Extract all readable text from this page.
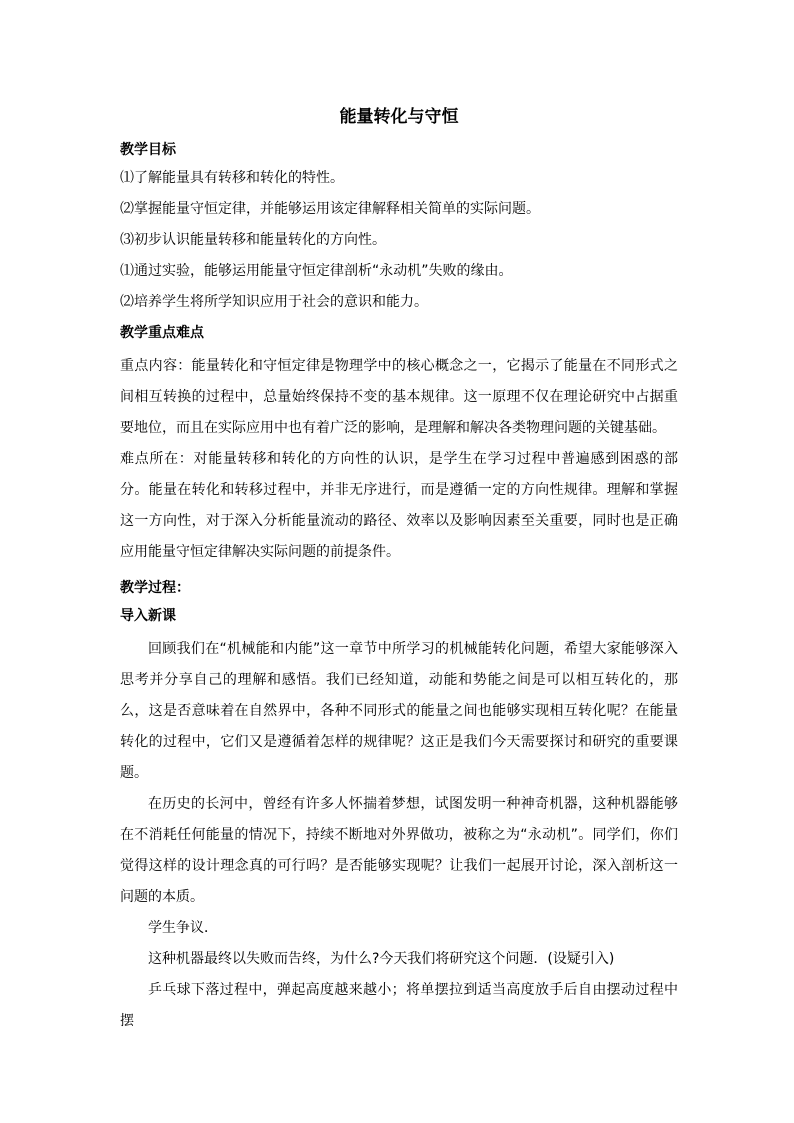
能量转化与守恒
教学目标
⑴了解能量具有转移和转化的特性。
⑵掌握能量守恒定律，并能够运用该定律解释相关简单的实际问题。
⑶初步认识能量转移和能量转化的方向性。
⑴通过实验，能够运用能量守恒定律剖析“永动机”失败的缘由。
⑵培养学生将所学知识应用于社会的意识和能力。
教学重点难点

重点内容：能量转化和守恒定律是物理学中的核心概念之一，它揭示了能量在不同形式之间相互转换的过程中，总量始终保持不变的基本规律。这一原理不仅在理论研究中占据重要地位，而且在实际应用中也有着广泛的影响，是理解和解决各类物理问题的关键基础。

难点所在：对能量转移和转化的方向性的认识，是学生在学习过程中普遍感到困惑的部分。能量在转化和转移过程中，并非无序进行，而是遵循一定的方向性规律。理解和掌握这一方向性，对于深入分析能量流动的路径、效率以及影响因素至关重要，同时也是正确应用能量守恒定律解决实际问题的前提条件。

教学过程：
导入新课

回顾我们在“机械能和内能”这一章节中所学习的机械能转化问题，希望大家能够深入思考并分享自己的理解和感悟。我们已经知道，动能和势能之间是可以相互转化的，那么，这是否意味着在自然界中，各种不同形式的能量之间也能够实现相互转化呢？在能量转化的过程中，它们又是遵循着怎样的规律呢？这正是我们今天需要探讨和研究的重要课题。

在历史的长河中，曾经有许多人怀揣着梦想，试图发明一种神奇机器，这种机器能够在不消耗任何能量的情况下，持续不断地对外界做功，被称之为“永动机”。同学们，你们觉得这样的设计理念真的可行吗？是否能够实现呢？让我们一起展开讨论，深入剖析这一问题的本质。

学生争议．

这种机器最终以失败而告终，为什么?今天我们将研究这个问题．(设疑引入)

乒乓球下落过程中，弹起高度越来越小；将单摆拉到适当高度放手后自由摆动过程中摆
